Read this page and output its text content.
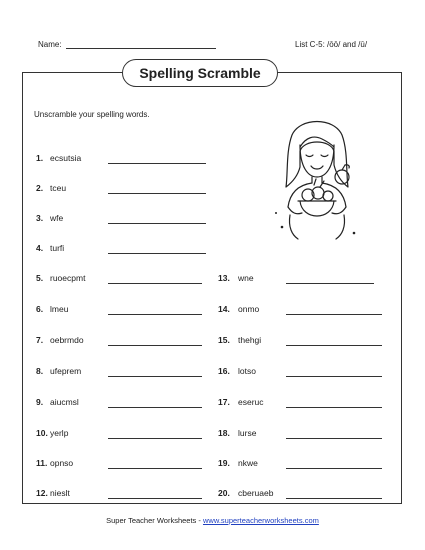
Name:	List C-5: /ōō/ and /ū/
Spelling Scramble
Unscramble your spelling words.
1. ecsutsia
2. tceu
3. wfe
4. turfi
5. ruoecpmt
6. lmeu
7. oebrmdo
8. ufeprem
9. aiucmsl
10. yerlp
11. opnso
12. nieslt
13. wne
14. onmo
15. thehgi
16. lotso
17. eseruc
18. lurse
19. nkwe
20. cberuaeb
Super Teacher Worksheets - www.superteacherworksheets.com
